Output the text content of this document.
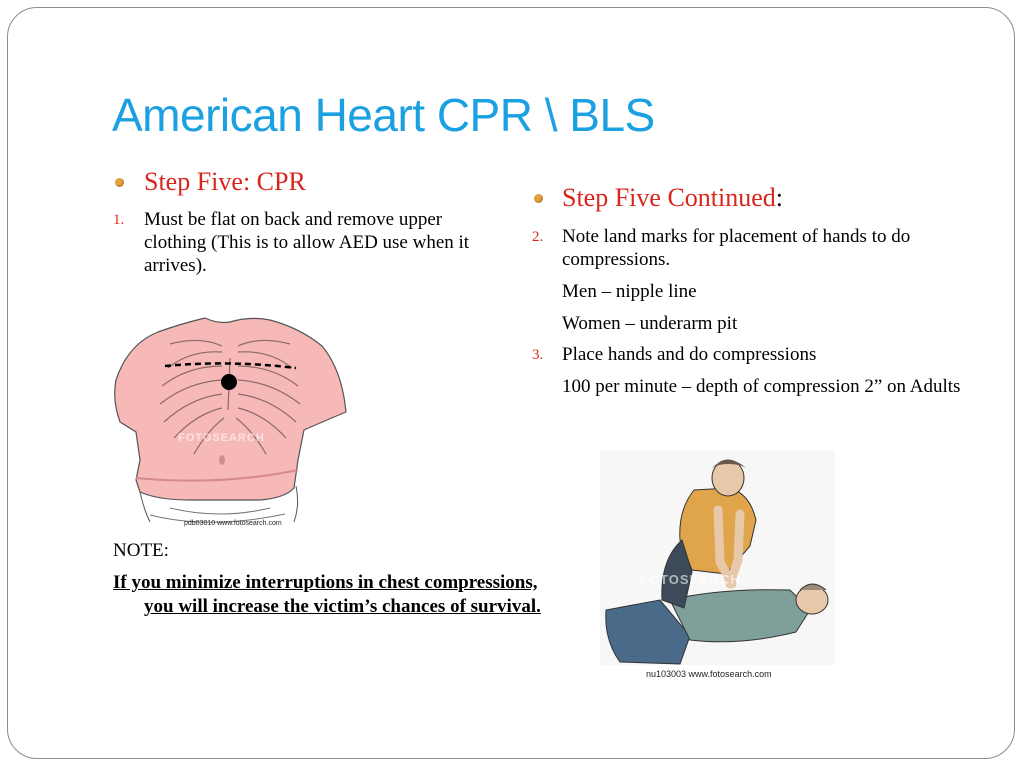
American Heart CPR \ BLS
Step Five: CPR
1. Must be flat on back and remove upper clothing (This is to allow AED use when it arrives).
FOTOSEARCH
pdb03010 www.fotosearch.com
NOTE:
If you minimize interruptions in chest compressions, you will increase the victim’s chances of survival.
Step Five Continued:
2. Note land marks for placement of hands to do compressions.
Men – nipple line
Women – underarm pit
3. Place hands and do compressions
100 per minute – depth of compression 2” on Adults
FOTOSEARCH
nu103003 www.fotosearch.com
